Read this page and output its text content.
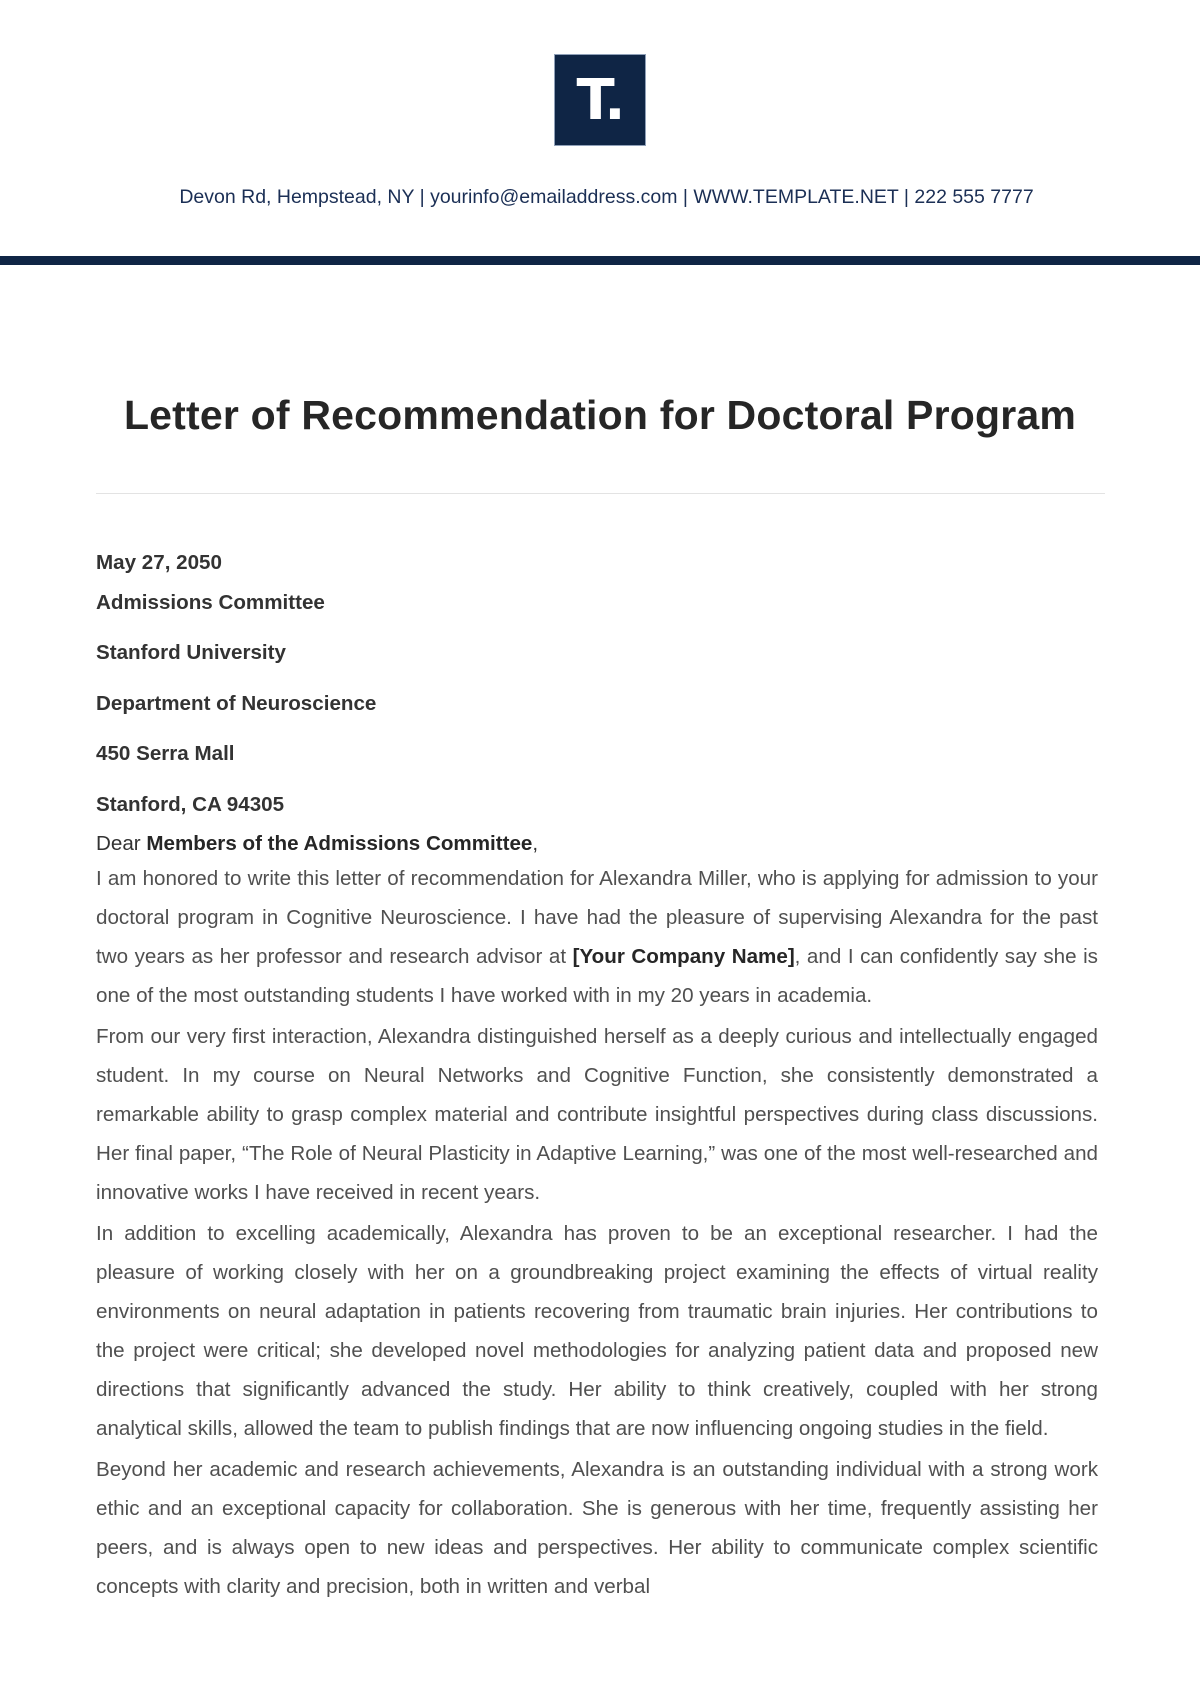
T.
Devon Rd, Hempstead, NY | yourinfo@emailaddress.com | WWW.TEMPLATE.NET | 222 555 7777
Letter of Recommendation for Doctoral Program

May 27, 2050

Admissions Committee

Stanford University

Department of Neuroscience

450 Serra Mall

Stanford, CA 94305

Dear Members of the Admissions Committee,

I am honored to write this letter of recommendation for Alexandra Miller, who is applying for admission to your doctoral program in Cognitive Neuroscience. I have had the pleasure of supervising Alexandra for the past two years as her professor and research advisor at [Your Company Name], and I can confidently say she is one of the most outstanding students I have worked with in my 20 years in academia.

From our very first interaction, Alexandra distinguished herself as a deeply curious and intellectually engaged student. In my course on Neural Networks and Cognitive Function, she consistently demonstrated a remarkable ability to grasp complex material and contribute insightful perspectives during class discussions. Her final paper, “The Role of Neural Plasticity in Adaptive Learning,” was one of the most well-researched and innovative works I have received in recent years.

In addition to excelling academically, Alexandra has proven to be an exceptional researcher. I had the pleasure of working closely with her on a groundbreaking project examining the effects of virtual reality environments on neural adaptation in patients recovering from traumatic brain injuries. Her contributions to the project were critical; she developed novel methodologies for analyzing patient data and proposed new directions that significantly advanced the study. Her ability to think creatively, coupled with her strong analytical skills, allowed the team to publish findings that are now influencing ongoing studies in the field.

Beyond her academic and research achievements, Alexandra is an outstanding individual with a strong work ethic and an exceptional capacity for collaboration. She is generous with her time, frequently assisting her peers, and is always open to new ideas and perspectives. Her ability to communicate complex scientific concepts with clarity and precision, both in written and verbal
